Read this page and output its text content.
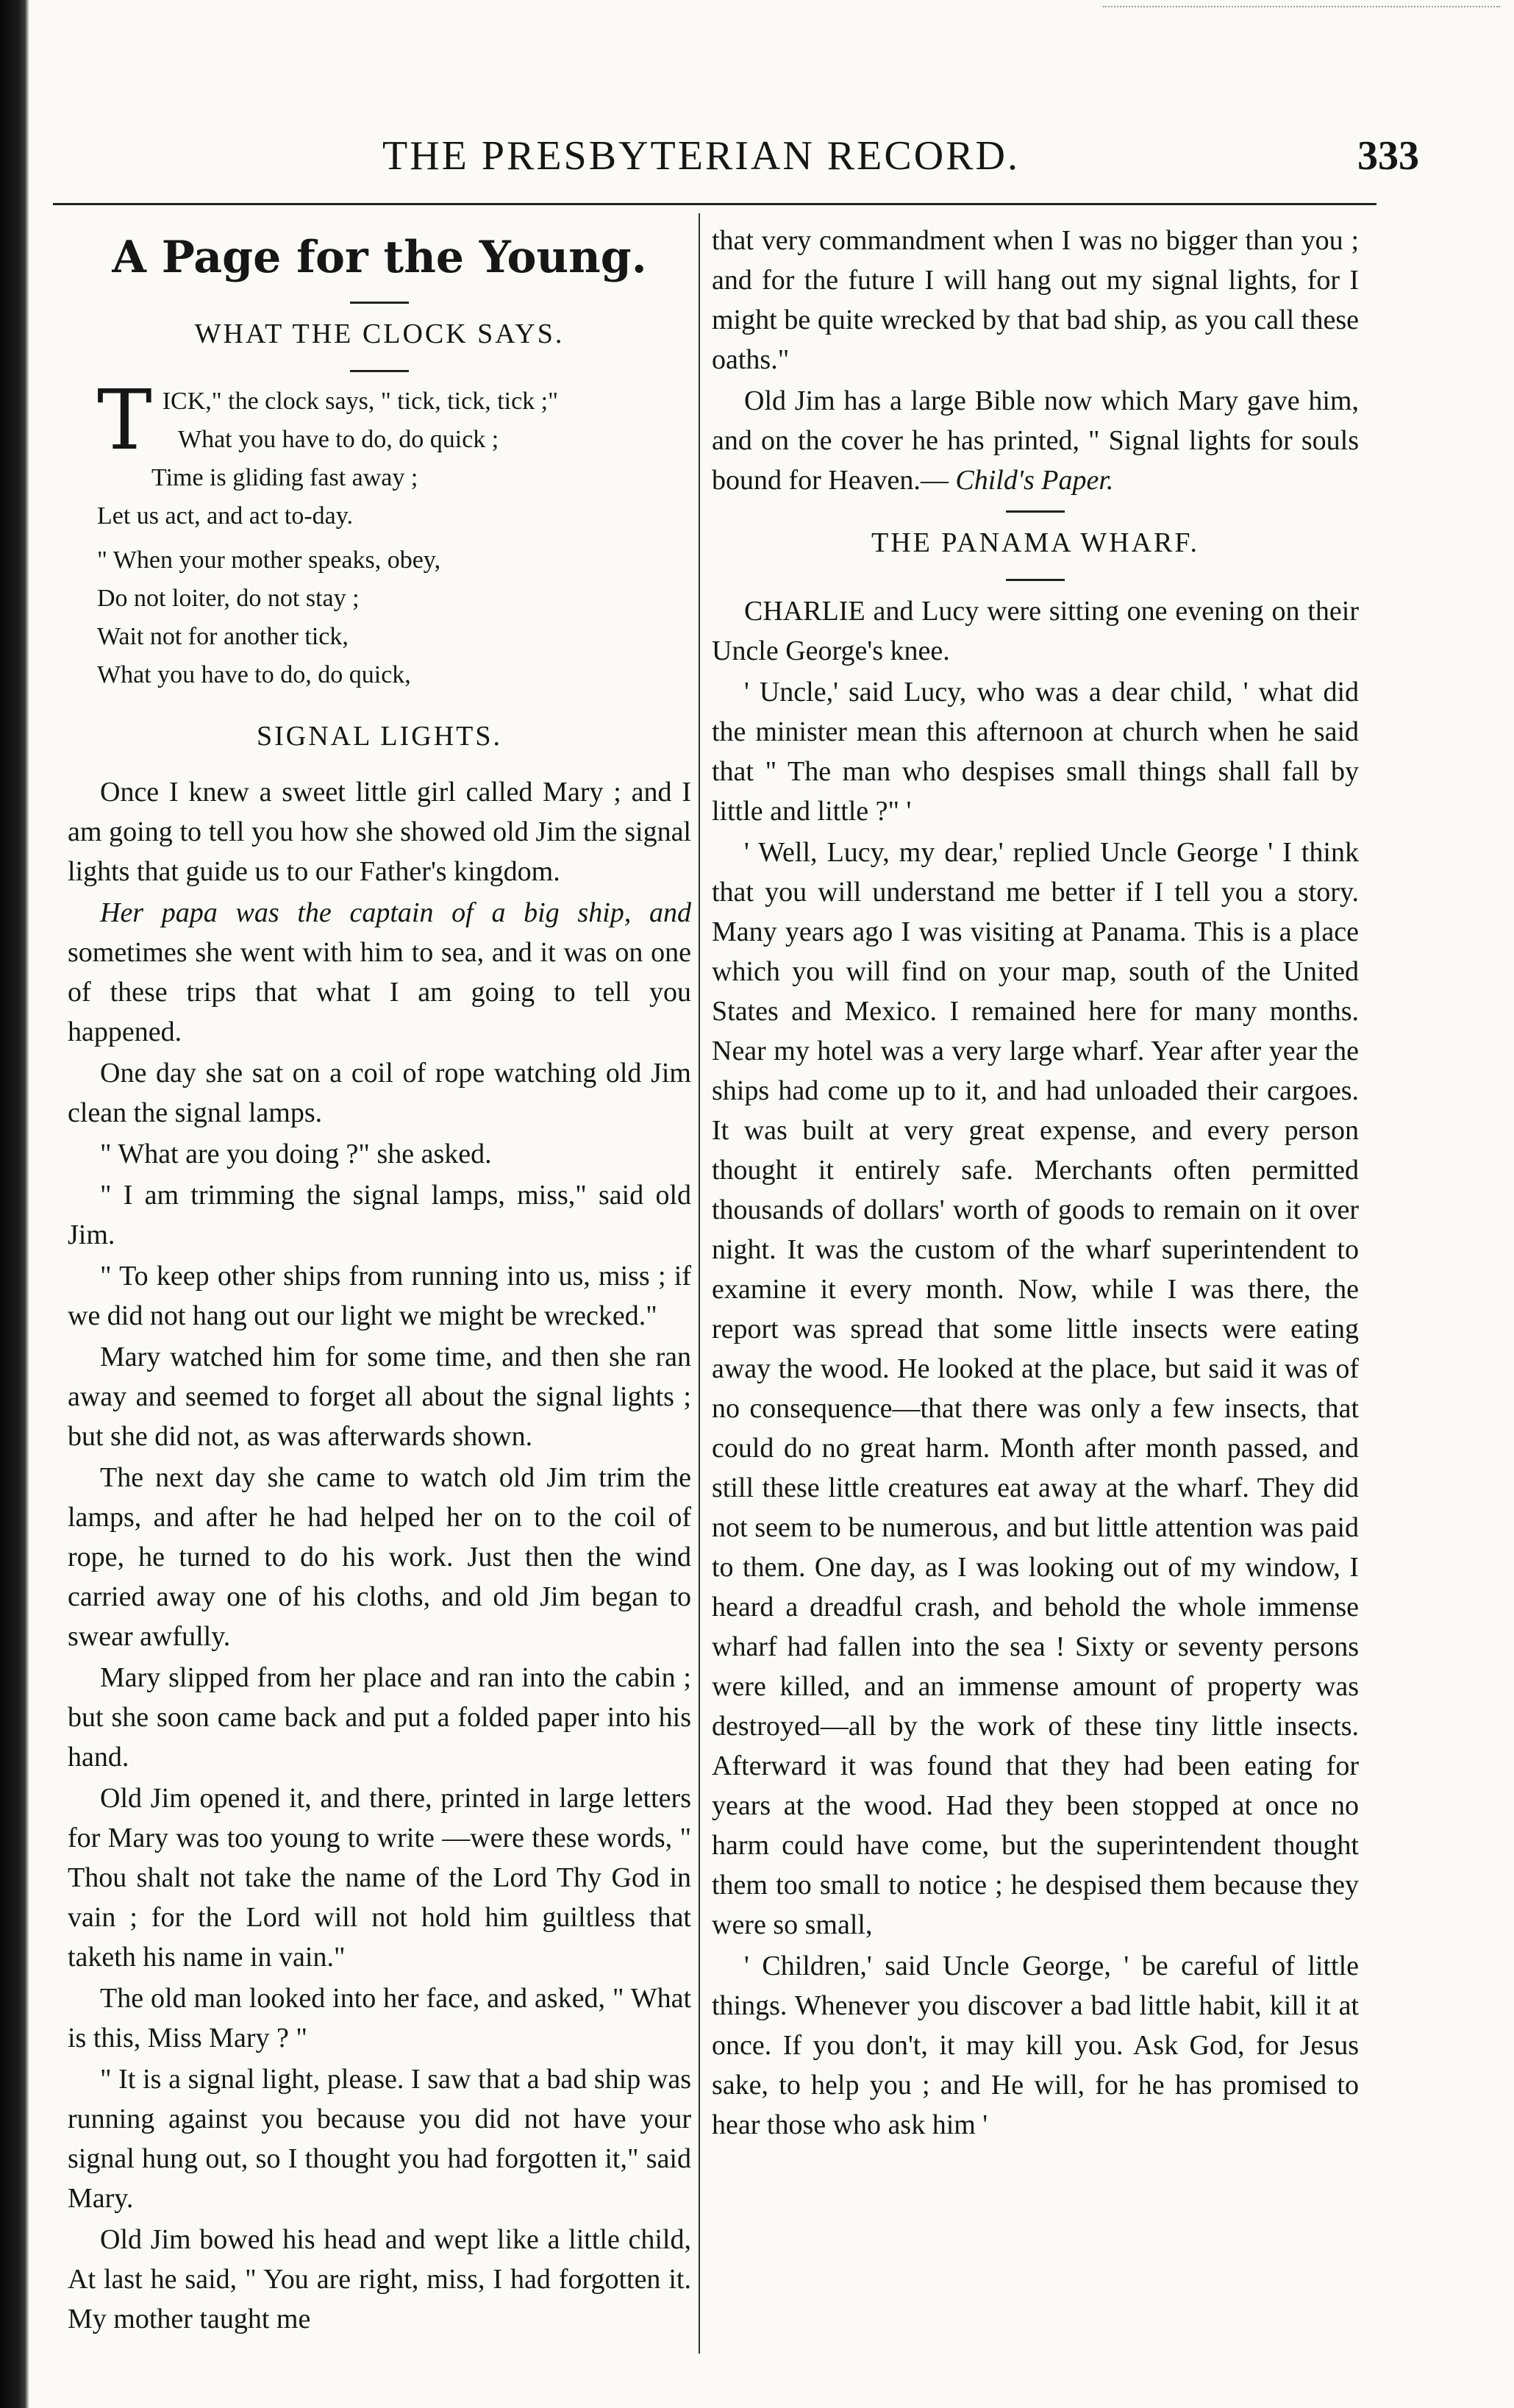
THE PRESBYTERIAN RECORD.	333
A Page for the Young.
WHAT THE CLOCK SAYS.
T ICK," the clock says, " tick, tick, tick ;"
What you have to do, do quick ;
Time is gliding fast away ;
Let us act, and act to-day.
" When your mother speaks, obey,
Do not loiter, do not stay ;
Wait not for another tick,
What you have to do, do quick,
SIGNAL LIGHTS.

Once I knew a sweet little girl called Mary ; and I am going to tell you how she showed old Jim the signal lights that guide us to our Father's kingdom.

Her papa was the captain of a big ship, and sometimes she went with him to sea, and it was on one of these trips that what I am going to tell you happened.

One day she sat on a coil of rope watching old Jim clean the signal lamps.

" What are you doing ?" she asked.

" I am trimming the signal lamps, miss," said old Jim.

" To keep other ships from running into us, miss ; if we did not hang out our light we might be wrecked."

Mary watched him for some time, and then she ran away and seemed to forget all about the signal lights ; but she did not, as was afterwards shown.

The next day she came to watch old Jim trim the lamps, and after he had helped her on to the coil of rope, he turned to do his work. Just then the wind carried away one of his cloths, and old Jim began to swear awfully.

Mary slipped from her place and ran into the cabin ; but she soon came back and put a folded paper into his hand.

Old Jim opened it, and there, printed in large letters for Mary was too young to write —were these words, " Thou shalt not take the name of the Lord Thy God in vain ; for the Lord will not hold him guiltless that taketh his name in vain."

The old man looked into her face, and asked, " What is this, Miss Mary ? "

" It is a signal light, please. I saw that a bad ship was running against you because you did not have your signal hung out, so I thought you had forgotten it," said Mary.

Old Jim bowed his head and wept like a little child, At last he said, " You are right, miss, I had forgotten it. My mother taught me

that very commandment when I was no bigger than you ; and for the future I will hang out my signal lights, for I might be quite wrecked by that bad ship, as you call these oaths."

Old Jim has a large Bible now which Mary gave him, and on the cover he has printed, " Signal lights for souls bound for Heaven.— Child's Paper.

THE PANAMA WHARF.

CHARLIE and Lucy were sitting one evening on their Uncle George's knee.

' Uncle,' said Lucy, who was a dear child, ' what did the minister mean this afternoon at church when he said that " The man who despises small things shall fall by little and little ?" '

' Well, Lucy, my dear,' replied Uncle George ' I think that you will understand me better if I tell you a story. Many years ago I was visiting at Panama. This is a place which you will find on your map, south of the United States and Mexico. I remained here for many months. Near my hotel was a very large wharf. Year after year the ships had come up to it, and had unloaded their cargoes. It was built at very great expense, and every person thought it entirely safe. Merchants often permitted thousands of dollars' worth of goods to remain on it over night. It was the custom of the wharf superintendent to examine it every month. Now, while I was there, the report was spread that some little insects were eating away the wood. He looked at the place, but said it was of no consequence—that there was only a few insects, that could do no great harm. Month after month passed, and still these little creatures eat away at the wharf. They did not seem to be numerous, and but little attention was paid to them. One day, as I was looking out of my window, I heard a dreadful crash, and behold the whole immense wharf had fallen into the sea ! Sixty or seventy persons were killed, and an immense amount of property was destroyed—all by the work of these tiny little insects. Afterward it was found that they had been eating for years at the wood. Had they been stopped at once no harm could have come, but the superintendent thought them too small to notice ; he despised them because they were so small,

' Children,' said Uncle George, ' be careful of little things. Whenever you discover a bad little habit, kill it at once. If you don't, it may kill you. Ask God, for Jesus sake, to help you ; and He will, for he has promised to hear those who ask him '
